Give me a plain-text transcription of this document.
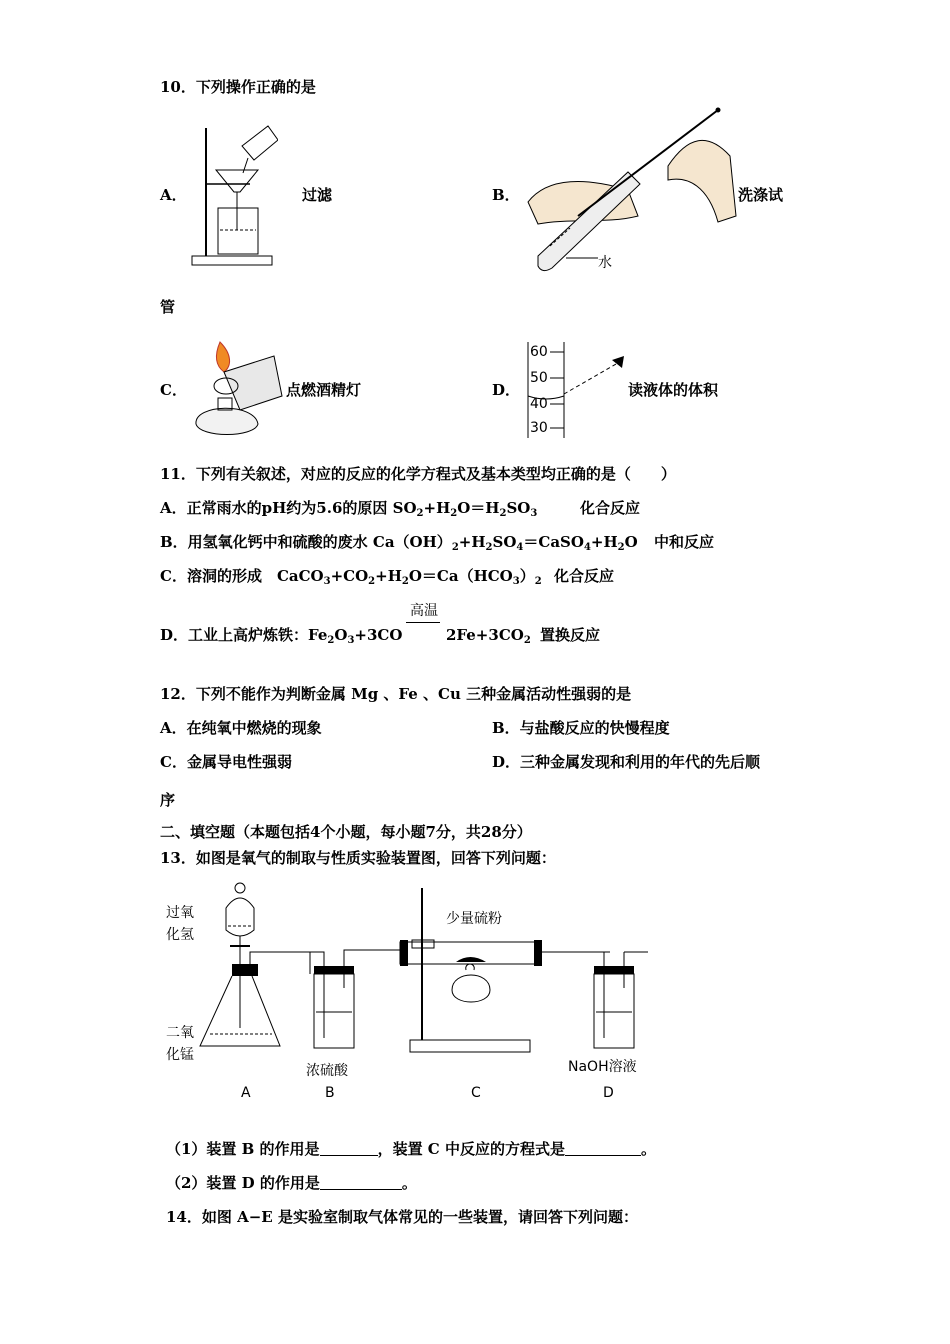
10．下列操作正确的是
A．	过滤	B．
水
洗涤试
管
C．	点燃酒精灯	D．
60
50
40
30
读液体的体积
11．下列有关叙述，对应的反应的化学方程式及基本类型均正确的是（　　）
A．正常雨水的pH约为5.6的原因 $SO_2+H_2O=H_2SO_3$	化合反应
B．用氢氧化钙中和硫酸的废水 $Ca(OH)_2+H_2SO_4=CaSO_4+H_2O$ 中和反应
C．溶洞的形成　$CaCO_3+CO_2+H_2O=Ca(HCO_3)_2$ 化合反应
高温
D．工业上高炉炼铁：$Fe_2O_3+3CO$	$2Fe+3CO_2$ 置换反应
12．下列不能作为判断金属 Mg 、Fe 、Cu 三种金属活动性强弱的是
A．在纯氧中燃烧的现象	B．与盐酸反应的快慢程度
C．金属导电性强弱	D．三种金属发现和利用的年代的先后顺
序
二、填空题（本题包括4个小题，每小题7分，共28分）
13．如图是氧气的制取与性质实验装置图，回答下列问题：
过氧
化氢
二氧
化锰
浓硫酸
少量硫粉
NaOH溶液
A	B	C	D
（1）装置 B 的作用是	，装置 C 中反应的方程式是	。
（2）装置 D 的作用是	。
14．如图 A−E 是实验室制取气体常见的一些装置，请回答下列问题：
